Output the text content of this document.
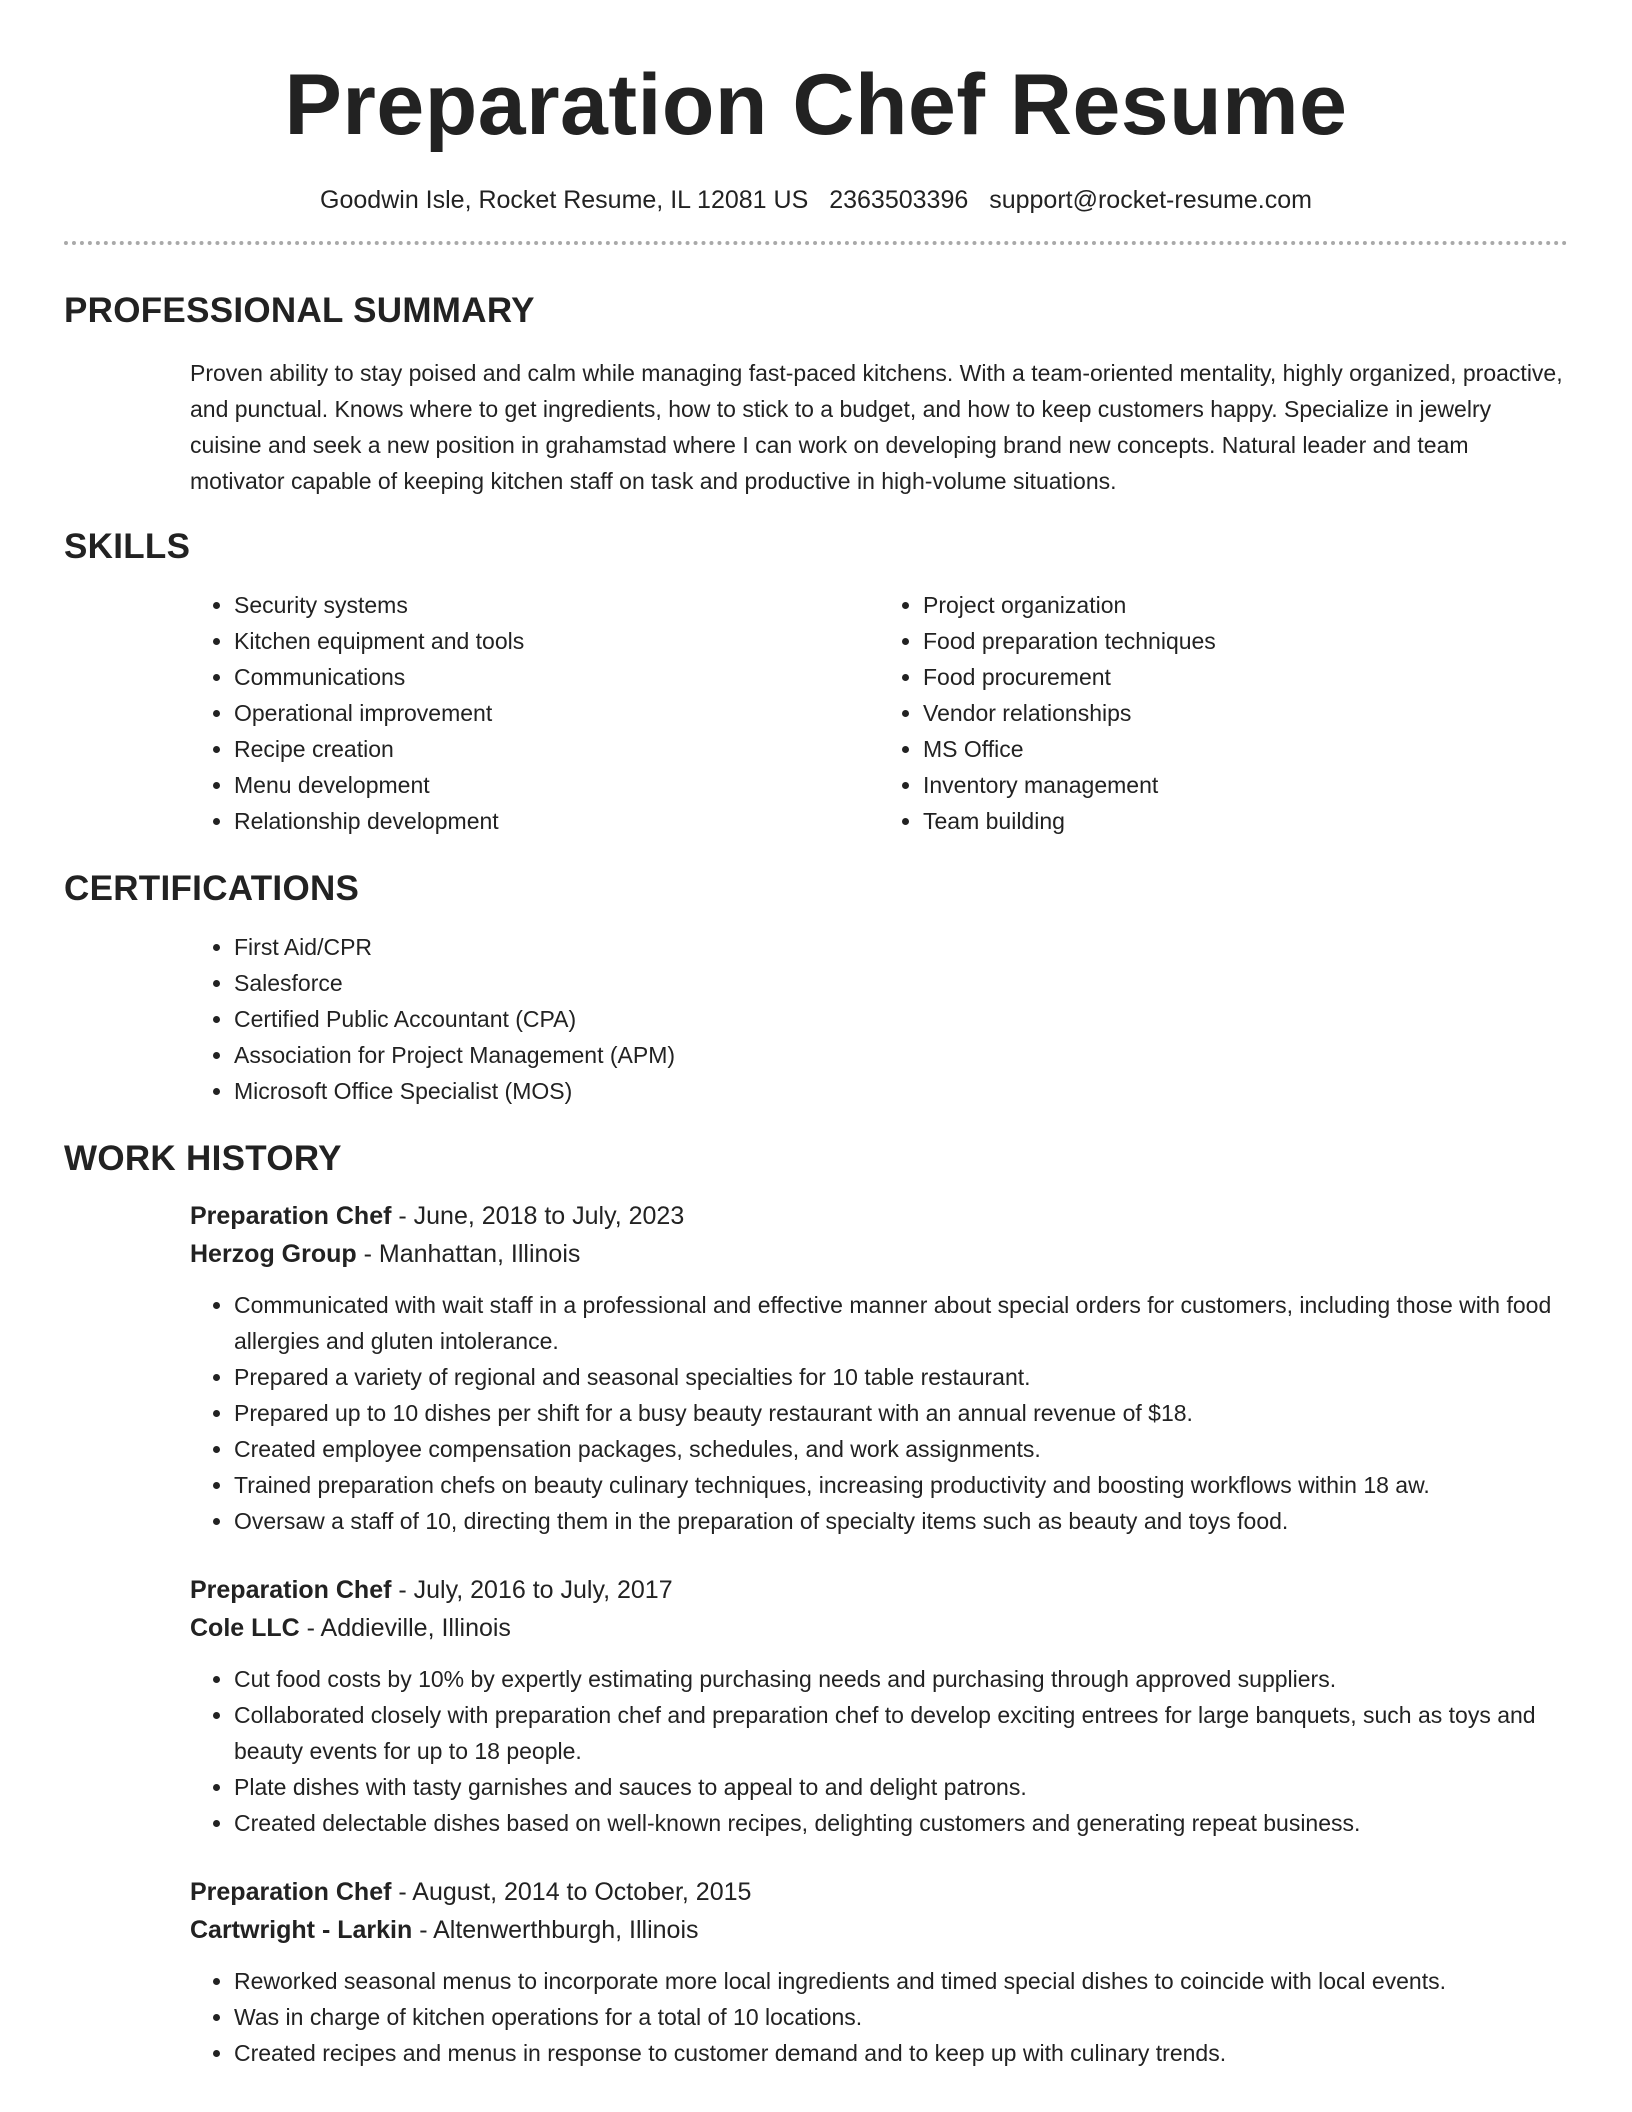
Preparation Chef Resume
Goodwin Isle, Rocket Resume, IL 12081 US 2363503396 support@rocket-resume.com
PROFESSIONAL SUMMARY
Proven ability to stay poised and calm while managing fast-paced kitchens. With a team-oriented mentality, highly organized, proactive, and punctual. Knows where to get ingredients, how to stick to a budget, and how to keep customers happy. Specialize in jewelry cuisine and seek a new position in grahamstad where I can work on developing brand new concepts. Natural leader and team motivator capable of keeping kitchen staff on task and productive in high-volume situations.
SKILLS
• Security systems
• Kitchen equipment and tools
• Communications
• Operational improvement
• Recipe creation
• Menu development
• Relationship development
• Project organization
• Food preparation techniques
• Food procurement
• Vendor relationships
• MS Office
• Inventory management
• Team building
CERTIFICATIONS
• First Aid/CPR
• Salesforce
• Certified Public Accountant (CPA)
• Association for Project Management (APM)
• Microsoft Office Specialist (MOS)
WORK HISTORY
Preparation Chef - June, 2018 to July, 2023
Herzog Group - Manhattan, Illinois
• Communicated with wait staff in a professional and effective manner about special orders for customers, including those with food allergies and gluten intolerance.
• Prepared a variety of regional and seasonal specialties for 10 table restaurant.
• Prepared up to 10 dishes per shift for a busy beauty restaurant with an annual revenue of $18.
• Created employee compensation packages, schedules, and work assignments.
• Trained preparation chefs on beauty culinary techniques, increasing productivity and boosting workflows within 18 aw.
• Oversaw a staff of 10, directing them in the preparation of specialty items such as beauty and toys food.
Preparation Chef - July, 2016 to July, 2017
Cole LLC - Addieville, Illinois
• Cut food costs by 10% by expertly estimating purchasing needs and purchasing through approved suppliers.
• Collaborated closely with preparation chef and preparation chef to develop exciting entrees for large banquets, such as toys and beauty events for up to 18 people.
• Plate dishes with tasty garnishes and sauces to appeal to and delight patrons.
• Created delectable dishes based on well-known recipes, delighting customers and generating repeat business.
Preparation Chef - August, 2014 to October, 2015
Cartwright - Larkin - Altenwerthburgh, Illinois
• Reworked seasonal menus to incorporate more local ingredients and timed special dishes to coincide with local events.
• Was in charge of kitchen operations for a total of 10 locations.
• Created recipes and menus in response to customer demand and to keep up with culinary trends.
